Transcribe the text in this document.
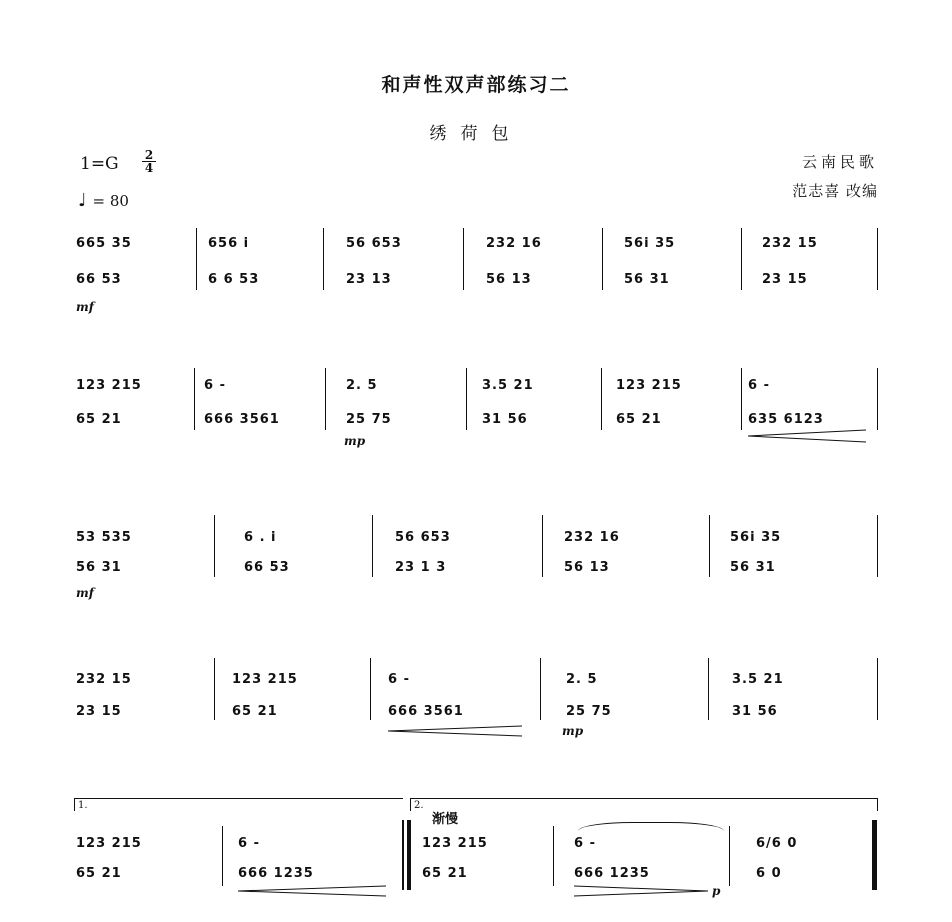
和声性双声部练习二
绣荷包
1=G 2
4
♩ = 80
云南民歌
范志喜 改编
665 35
66 53
656 i
6 6 53
56 653
23 13
232 16
56 13
56i 35
56 31
232 15
23 15
mf
123 215
65 21
6 -
666 3561
2. 5
25 75
3.5 21
31 56
123 215
65 21
6 -
635 6123
mp
53 535
56 31
6 . i
66 53
56 653
23 1 3
232 16
56 13
56i 35
56 31
mf
232 15
23 15
123 215
65 21
6 -
666 3561
2. 5
25 75
3.5 21
31 56
mp
1.	2.
渐慢
123 215
65 21
6 -
666 1235
123 215
65 21
6 -
666 1235
6/6 0
6 0
p
